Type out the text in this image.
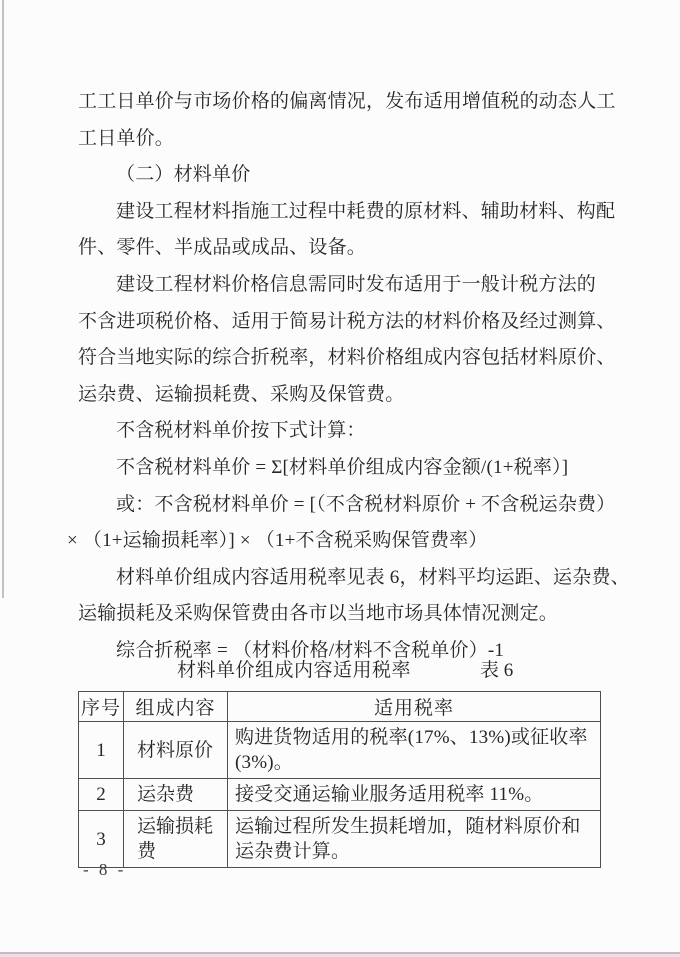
工工日单价与市场价格的偏离情况，发布适用增值税的动态人工
工日单价。
（二）材料单价
建设工程材料指施工过程中耗费的原材料、辅助材料、构配
件、零件、半成品或成品、设备。
建设工程材料价格信息需同时发布适用于一般计税方法的
不含进项税价格、适用于简易计税方法的材料价格及经过测算、
符合当地实际的综合折税率，材料价格组成内容包括材料原价、
运杂费、运输损耗费、采购及保管费。
不含税材料单价按下式计算：
不含税材料单价 = Σ[材料单价组成内容金额/(1+税率）]
或：不含税材料单价 = [（不含税材料原价 + 不含税运杂费）
× （1+运输损耗率）] × （1+不含税采购保管费率）
材料单价组成内容适用税率见表 6，材料平均运距、运杂费、
运输损耗及采购保管费由各市以当地市场具体情况测定。
综合折税率 = （材料价格/材料不含税单价）-1
材料单价组成内容适用税率	表 6
序号	组成内容	适用税率
1	材料原价	购进货物适用的税率(17%、13%)或征收率(3%)。
2	运杂费	接受交通运输业服务适用税率 11%。
3	运输损耗费	运输过程所发生损耗增加，随材料原价和运杂费计算。
- 8 -
